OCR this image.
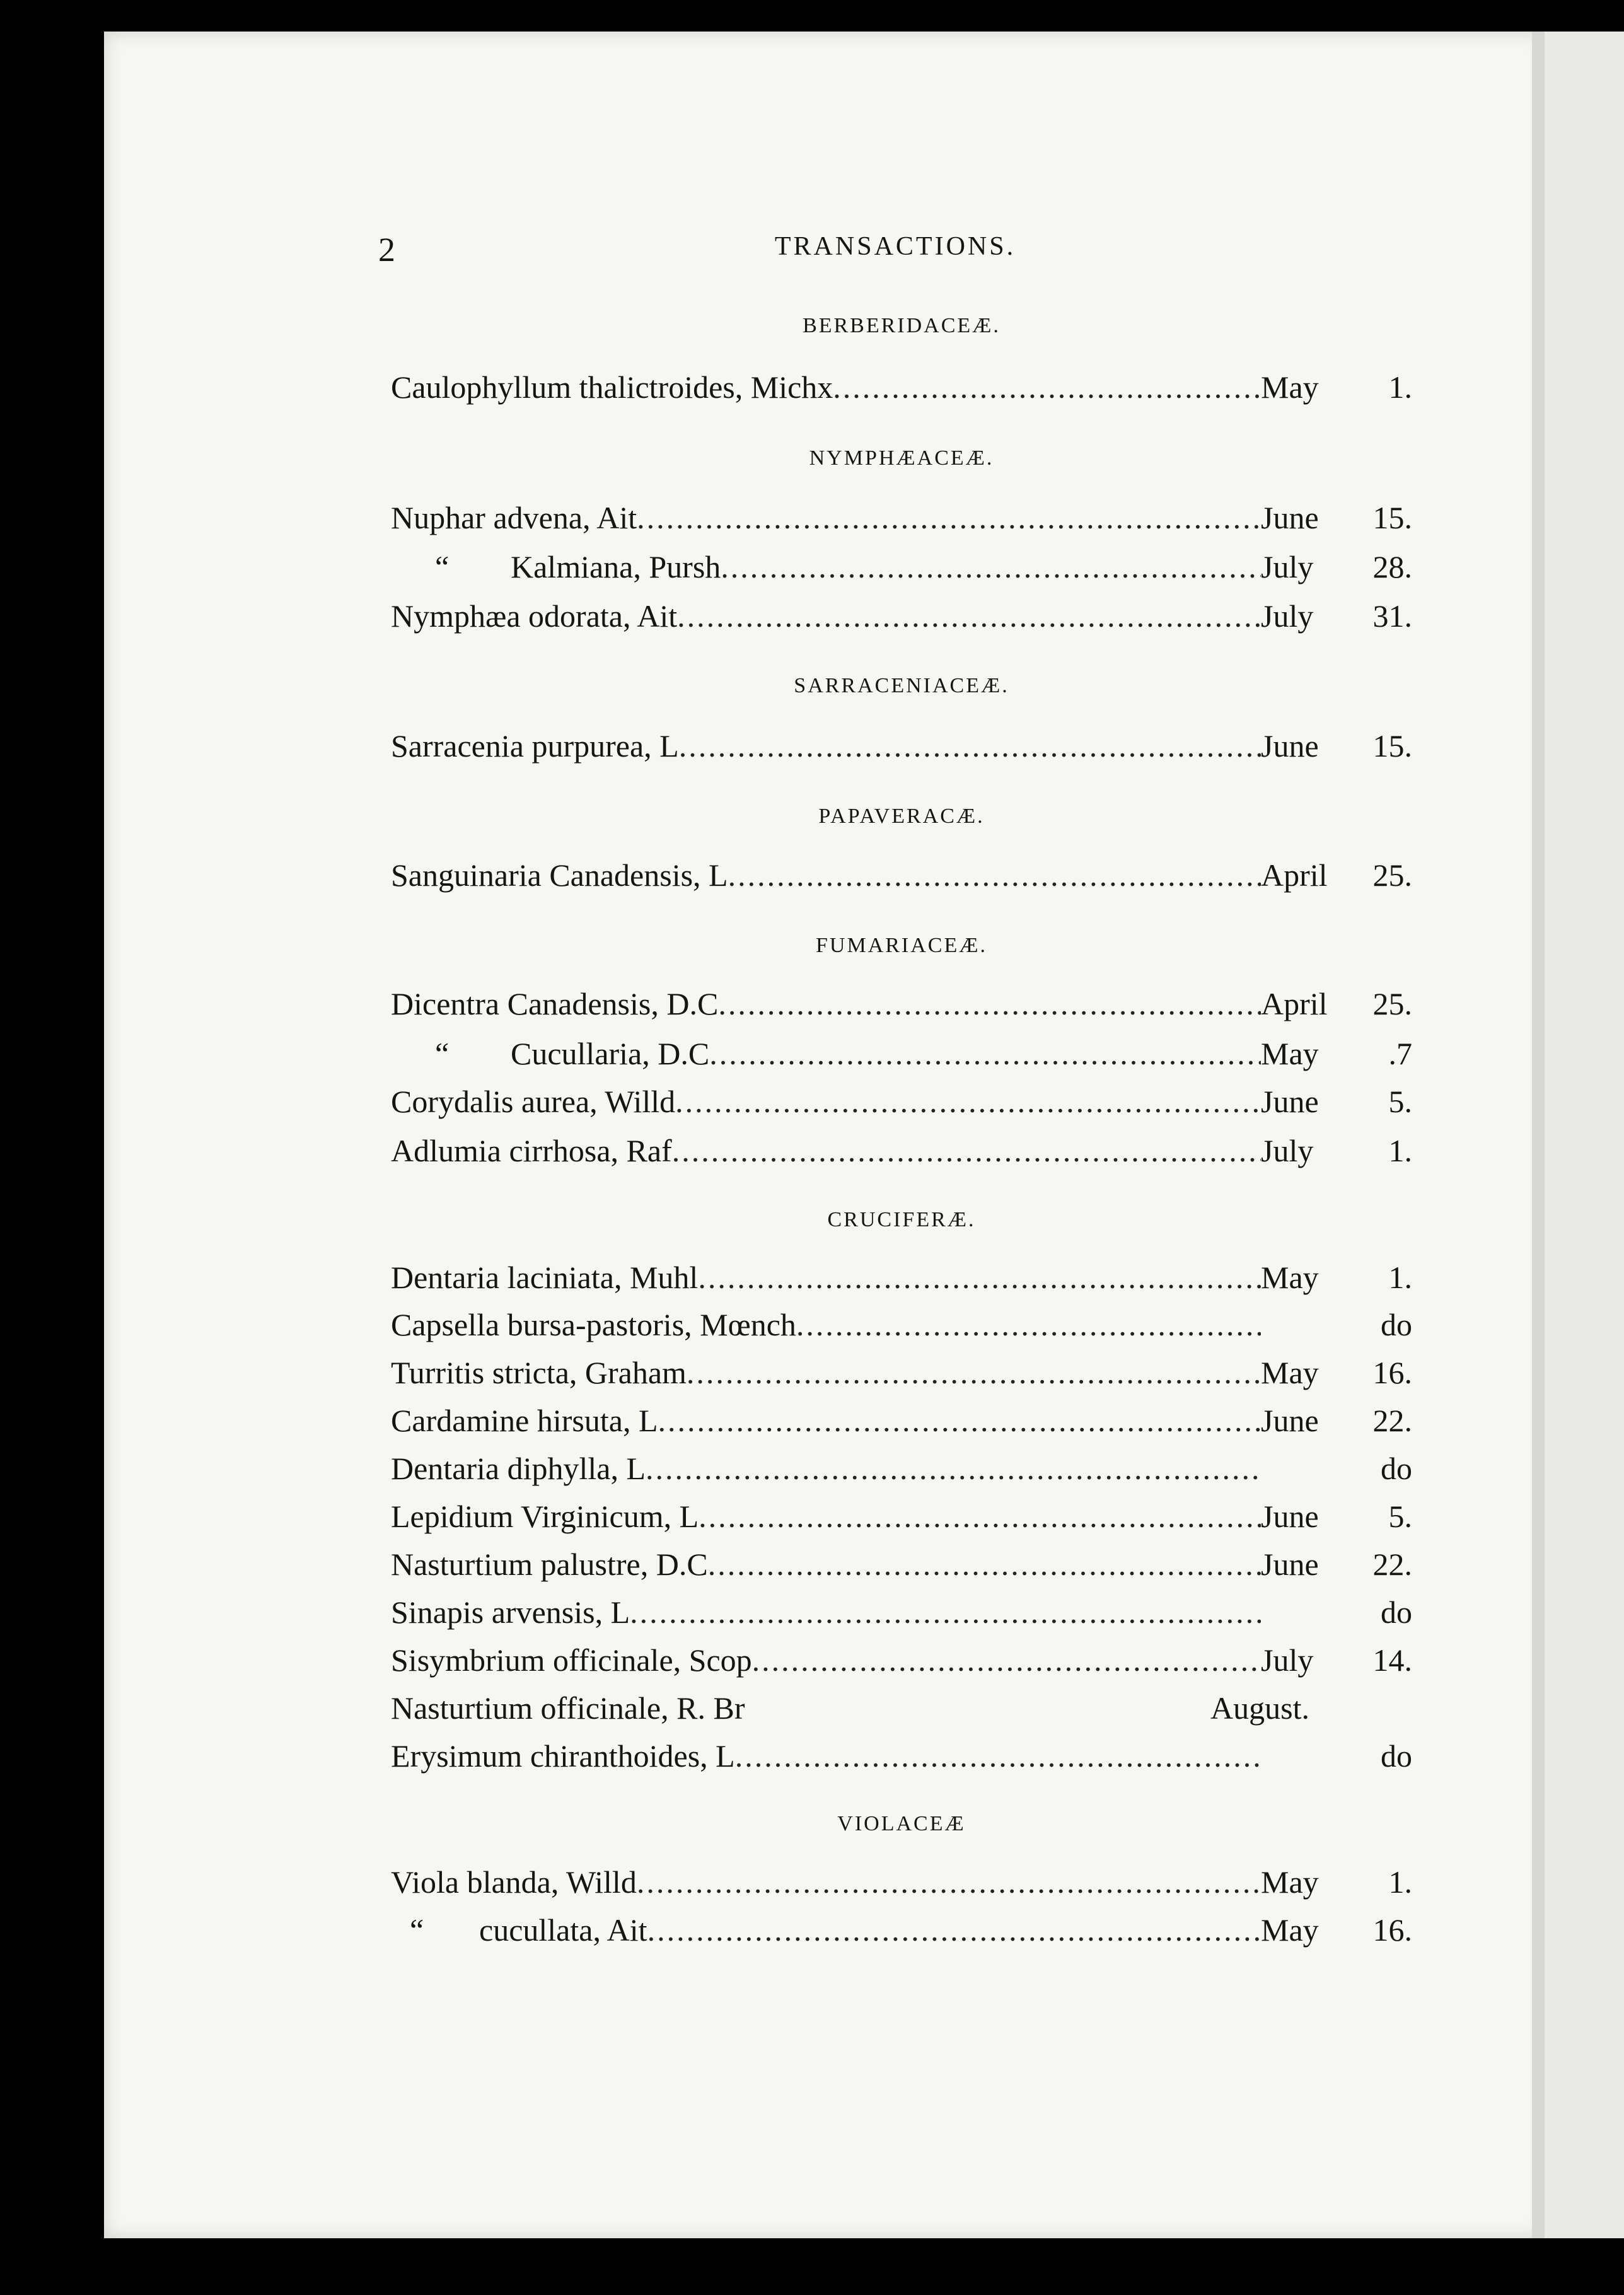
2	TRANSACTIONS.
BERBERIDACEÆ.
Caulophyllum thalictroides, Michx .....	May	1.
NYMPHÆACEÆ.
Nuphar advena, Ait .....	June	15.
“ Kalmiana, Pursh .....	July	28.
Nymphæa odorata, Ait .....	July	31.
SARRACENIACEÆ.
Sarracenia purpurea, L .....	June	15.
PAPAVERACÆ.
Sanguinaria Canadensis, L .....	April	25.
FUMARIACEÆ.
Dicentra Canadensis, D.C .....	April	25.
“ Cucullaria, D.C .....	May	.7
Corydalis aurea, Willd .....	June	5.
Adlumia cirrhosa, Raf .....	July	1.
CRUCIFERÆ.
Dentaria laciniata, Muhl .....	May	1.
Capsella bursa-pastoris, Mœnch .....	do
Turritis stricta, Graham .....	May	16.
Cardamine hirsuta, L .....	June	22.
Dentaria diphylla, L .....	do
Lepidium Virginicum, L .....	June	5.
Nasturtium palustre, D.C .....	June	22.
Sinapis arvensis, L .....	do
Sisymbrium officinale, Scop .....	July	14.
Nasturtium officinale, R. Br	August.
Erysimum chiranthoides, L .....	do
VIOLACEÆ
Viola blanda, Willd .....	May	1.
“ cucullata, Ait .....	May	16.
